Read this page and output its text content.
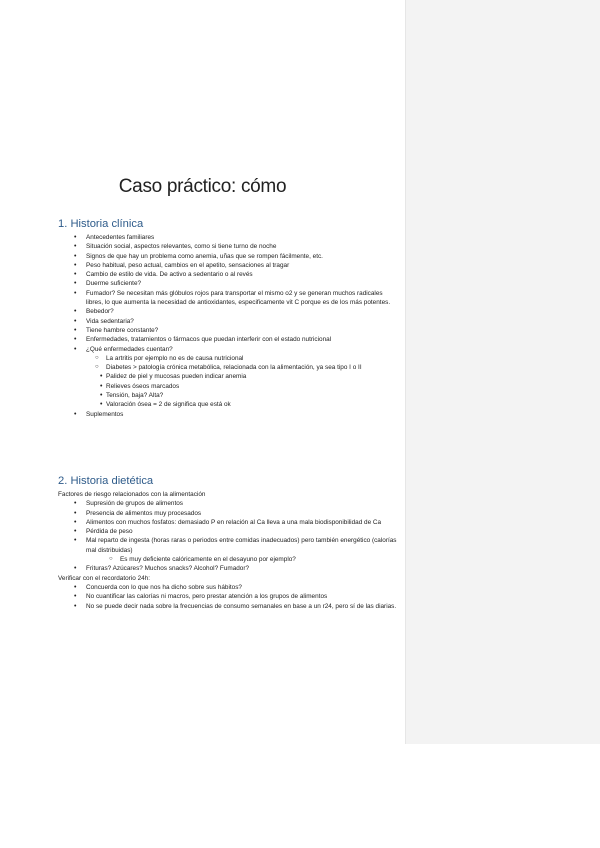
Caso práctico: cómo
1. Historia clínica
• Antecedentes familiares
• Situación social, aspectos relevantes, como si tiene turno de noche
• Signos de que hay un problema como anemia, uñas que se rompen fácilmente, etc.
• Peso habitual, peso actual, cambios en el apetito, sensaciones al tragar
• Cambio de estilo de vida. De activo a sedentario o al revés
• Duerme suficiente?
• Fumador? Se necesitan más glóbulos rojos para transportar el mismo o2 y se generan muchos radicales libres, lo que aumenta la necesidad de antioxidantes, especificamente vit C porque es de los más potentes.
• Bebedor?
• Vida sedentaria?
• Tiene hambre constante?
• Enfermedades, tratamientos o fármacos que puedan interferir con el estado nutricional
• ¿Qué enfermedades cuentan?
○ La artritis por ejemplo no es de causa nutricional
○ Diabetes > patología crónica metabólica, relacionada con la alimentación, ya sea tipo I o II
• Palidez de piel y mucosas pueden indicar anemia
• Relieves óseos marcados
• Tensión, baja? Alta?
• Valoración ósea = 2 de significa que está ok
• Suplementos
2. Historia dietética
Factores de riesgo relacionados con la alimentación
• Supresión de grupos de alimentos
• Presencia de alimentos muy procesados
• Alimentos con muchos fosfatos: demasiado P en relación al Ca lleva a una mala biodisponibilidad de Ca
• Pérdida de peso
• Mal reparto de ingesta (horas raras o periodos entre comidas inadecuados) pero también energético (calorías mal distribuidas)
○ Es muy deficiente calóricamente en el desayuno por ejemplo?
• Frituras? Azúcares? Muchos snacks? Alcohol? Fumador?
Verificar con el recordatorio 24h:
• Concuerda con lo que nos ha dicho sobre sus hábitos?
• No cuantificar las calorías ni macros, pero prestar atención a los grupos de alimentos
• No se puede decir nada sobre la frecuencias de consumo semanales en base a un r24, pero sí de las diarias.
